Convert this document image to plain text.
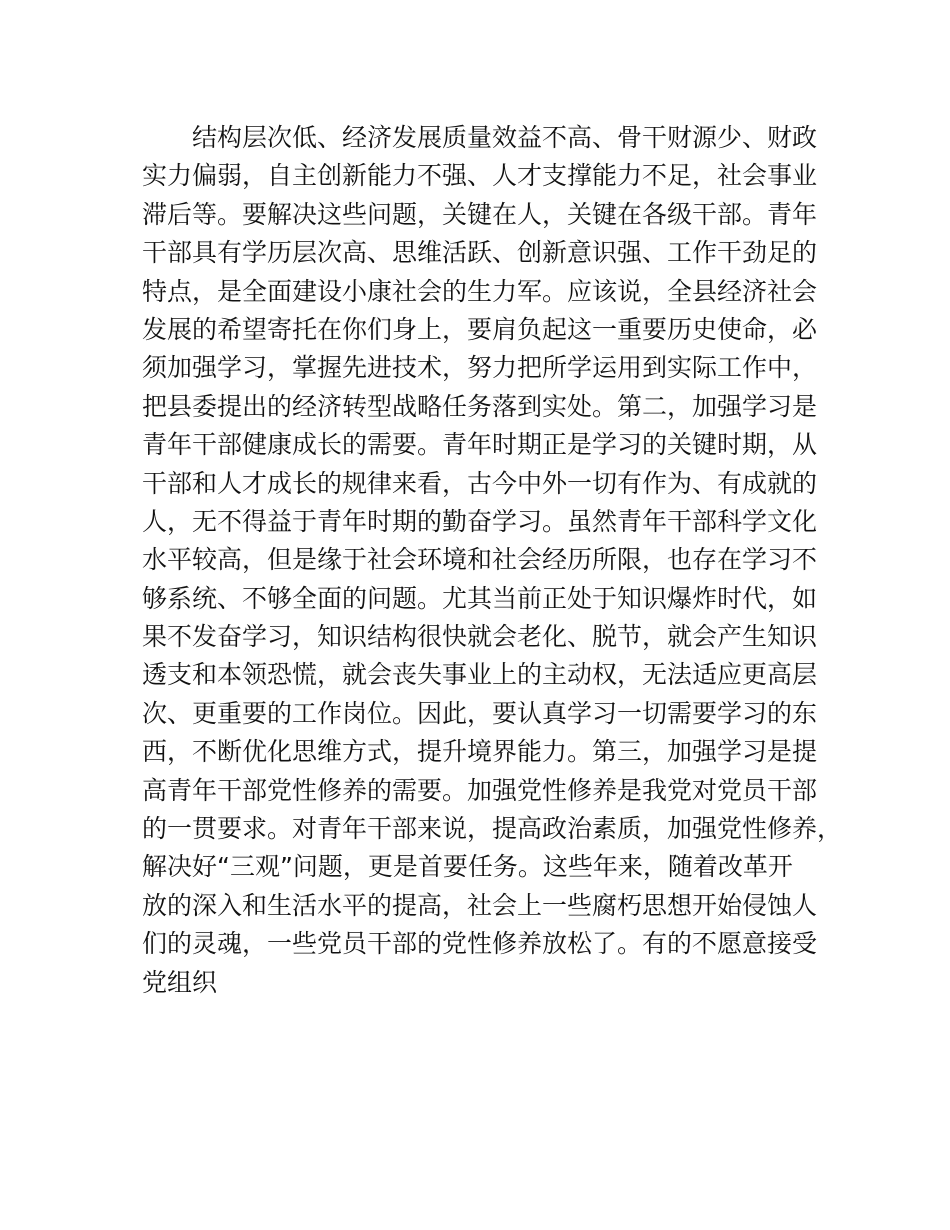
结构层次低、经济发展质量效益不高、骨干财源少、财政
实力偏弱，自主创新能力不强、人才支撑能力不足，社会事业
滞后等。要解决这些问题，关键在人，关键在各级干部。青年
干部具有学历层次高、思维活跃、创新意识强、工作干劲足的
特点，是全面建设小康社会的生力军。应该说，全县经济社会
发展的希望寄托在你们身上，要肩负起这一重要历史使命，必
须加强学习，掌握先进技术，努力把所学运用到实际工作中，
把县委提出的经济转型战略任务落到实处。第二，加强学习是
青年干部健康成长的需要。青年时期正是学习的关键时期，从
干部和人才成长的规律来看，古今中外一切有作为、有成就的
人，无不得益于青年时期的勤奋学习。虽然青年干部科学文化
水平较高，但是缘于社会环境和社会经历所限，也存在学习不
够系统、不够全面的问题。尤其当前正处于知识爆炸时代，如
果不发奋学习，知识结构很快就会老化、脱节，就会产生知识
透支和本领恐慌，就会丧失事业上的主动权，无法适应更高层
次、更重要的工作岗位。因此，要认真学习一切需要学习的东
西，不断优化思维方式，提升境界能力。第三，加强学习是提
高青年干部党性修养的需要。加强党性修养是我党对党员干部
的一贯要求。对青年干部来说，提高政治素质，加强党性修养，
解决好“三观”问题，更是首要任务。这些年来，随着改革开
放的深入和生活水平的提高，社会上一些腐朽思想开始侵蚀人
们的灵魂，一些党员干部的党性修养放松了。有的不愿意接受
党组织
